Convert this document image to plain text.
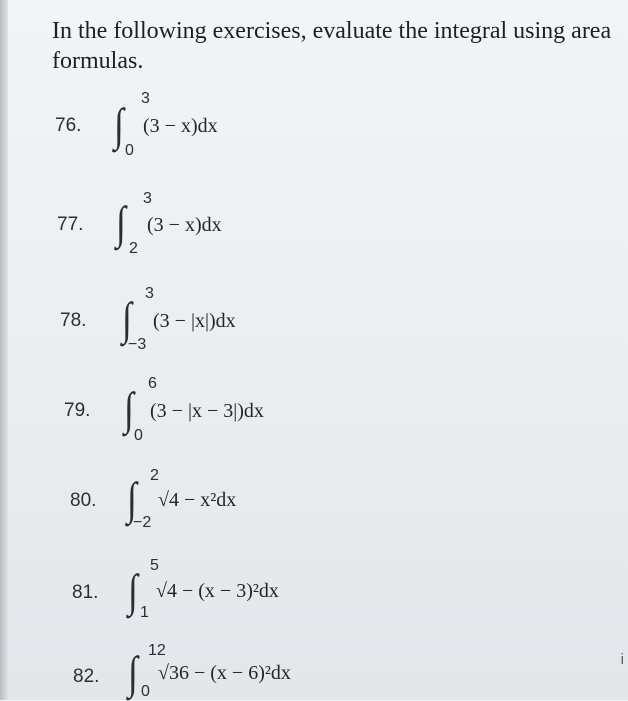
In the following exercises, evaluate the integral using area formulas.
76. ∫
3
0
(3 − x)dx
77. ∫ 3
2
(3 − x)dx
78. ∫ 3
−3
(3 − |x|)dx
79. ∫ 6
0
(3 − |x − 3|)dx
80. ∫ 2
−2
√4 − x²dx
81. ∫ 5
1
√4 − (x − 3)²dx
82. ∫ 12
0
√36 − (x − 6)²dx
i
